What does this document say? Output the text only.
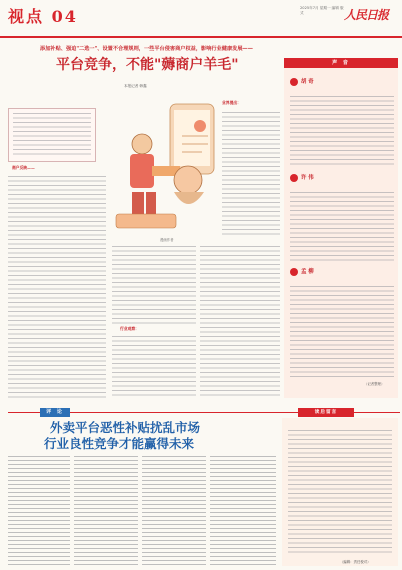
视点 04	2025年7月 星期一 编辑 版式	人民日报
添加补贴、强迫"二选一"、设置不合理规则，一些平台侵害商户权益，影响行业健康发展——
平台竞争，不能"薅商户羊毛"
本报记者 韩鑫
商户反映——
漫画作者
行业观察：
业界提出：
声 音
胡 奇
许 伟
孟 柳
（记者整理）
评 论
外卖平台恶性补贴扰乱市场
行业良性竞争才能赢得未来
读后留言
（编辑：责任校对）
